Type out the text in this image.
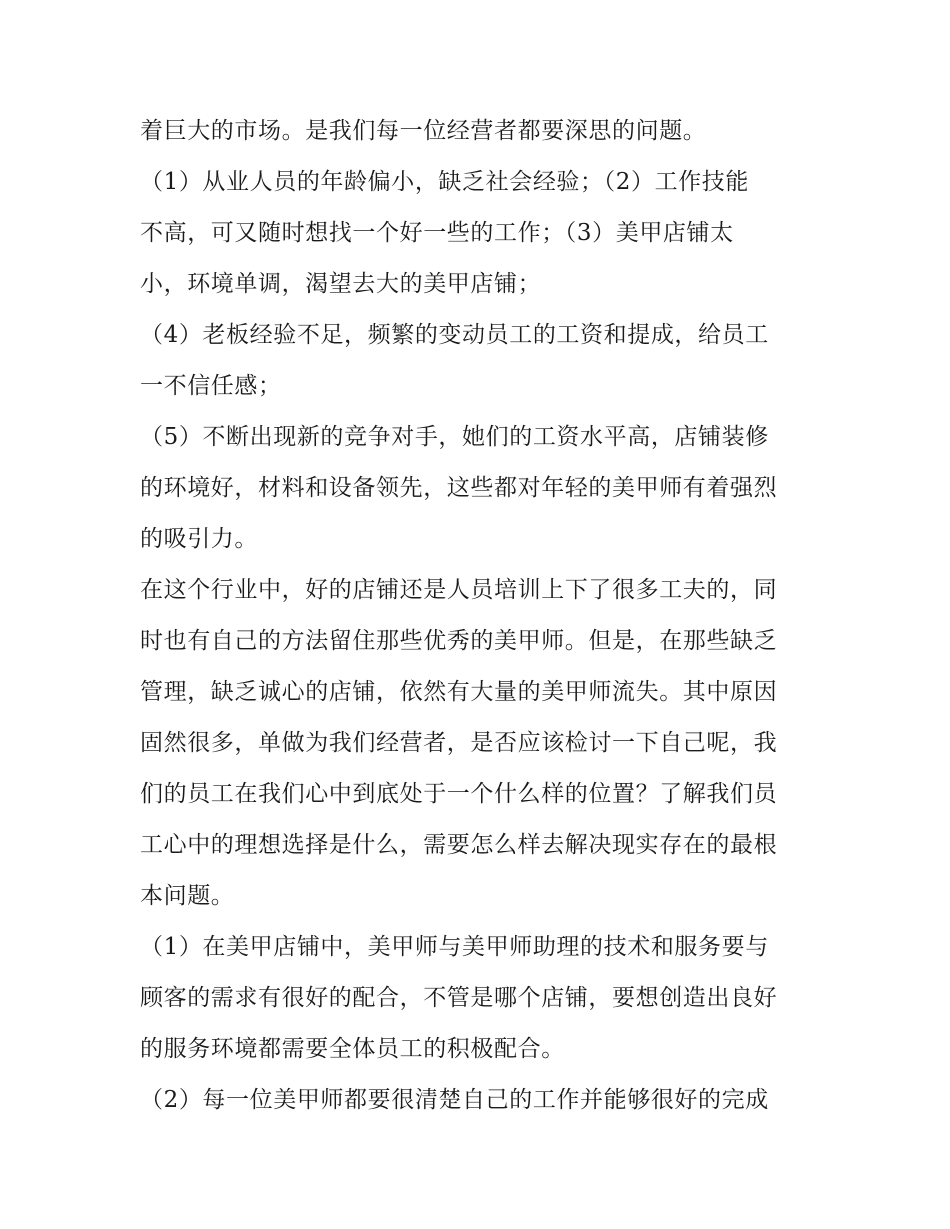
着巨大的市场。是我们每一位经营者都要深思的问题。
（1）从业人员的年龄偏小，缺乏社会经验；（2）工作技能
不高，可又随时想找一个好一些的工作；（3）美甲店铺太
小，环境单调，渴望去大的美甲店铺；
（4）老板经验不足，频繁的变动员工的工资和提成，给员工
一不信任感；
（5）不断出现新的竞争对手，她们的工资水平高，店铺装修
的环境好，材料和设备领先，这些都对年轻的美甲师有着强烈
的吸引力。
在这个行业中，好的店铺还是人员培训上下了很多工夫的，同
时也有自己的方法留住那些优秀的美甲师。但是，在那些缺乏
管理，缺乏诚心的店铺，依然有大量的美甲师流失。其中原因
固然很多，单做为我们经营者，是否应该检讨一下自己呢，我
们的员工在我们心中到底处于一个什么样的位置？了解我们员
工心中的理想选择是什么，需要怎么样去解决现实存在的最根
本问题。
（1）在美甲店铺中，美甲师与美甲师助理的技术和服务要与
顾客的需求有很好的配合，不管是哪个店铺，要想创造出良好
的服务环境都需要全体员工的积极配合。
（2）每一位美甲师都要很清楚自己的工作并能够很好的完成
